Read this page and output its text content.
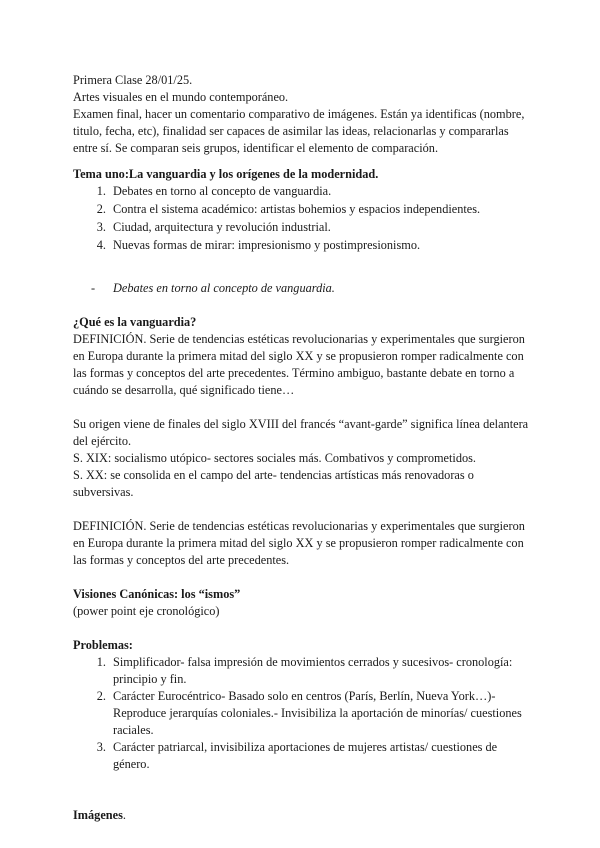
Primera Clase 28/01/25.

Artes visuales en el mundo contemporáneo.

Examen final, hacer un comentario comparativo de imágenes. Están ya identificas (nombre, titulo, fecha, etc), finalidad ser capaces de asimilar las ideas, relacionarlas y compararlas entre sí. Se comparan seis grupos, identificar el elemento de comparación.

Tema uno:La vanguardia y los orígenes de la modernidad.

1. Debates en torno al concepto de vanguardia.
2. Contra el sistema académico: artistas bohemios y espacios independientes.
3. Ciudad, arquitectura y revolución industrial.
4. Nuevas formas de mirar: impresionismo y postimpresionismo.
-	Debates en torno al concepto de vanguardia.

¿Qué es la vanguardia?

DEFINICIÓN. Serie de tendencias estéticas revolucionarias y experimentales que surgieron en Europa durante la primera mitad del siglo XX y se propusieron romper radicalmente con las formas y conceptos del arte precedentes. Término ambiguo, bastante debate en torno a cuándo se desarrolla, qué significado tiene…

Su origen viene de finales del siglo XVIII del francés “avant-garde” significa línea delantera del ejército.

S. XIX: socialismo utópico- sectores sociales más. Combativos y comprometidos.

S. XX: se consolida en el campo del arte- tendencias artísticas más renovadoras o subversivas.

DEFINICIÓN. Serie de tendencias estéticas revolucionarias y experimentales que surgieron en Europa durante la primera mitad del siglo XX y se propusieron romper radicalmente con las formas y conceptos del arte precedentes.

Visiones Canónicas: los “ismos”

(power point eje cronológico)

Problemas:

1. Simplificador- falsa impresión de movimientos cerrados y sucesivos- cronología: principio y fin.
2. Carácter Eurocéntrico- Basado solo en centros (París, Berlín, Nueva York…)-Reproduce jerarquías coloniales.- Invisibiliza la aportación de minorías/ cuestiones raciales.
3. Carácter patriarcal, invisibiliza aportaciones de mujeres artistas/ cuestiones de género.

Imágenes.
